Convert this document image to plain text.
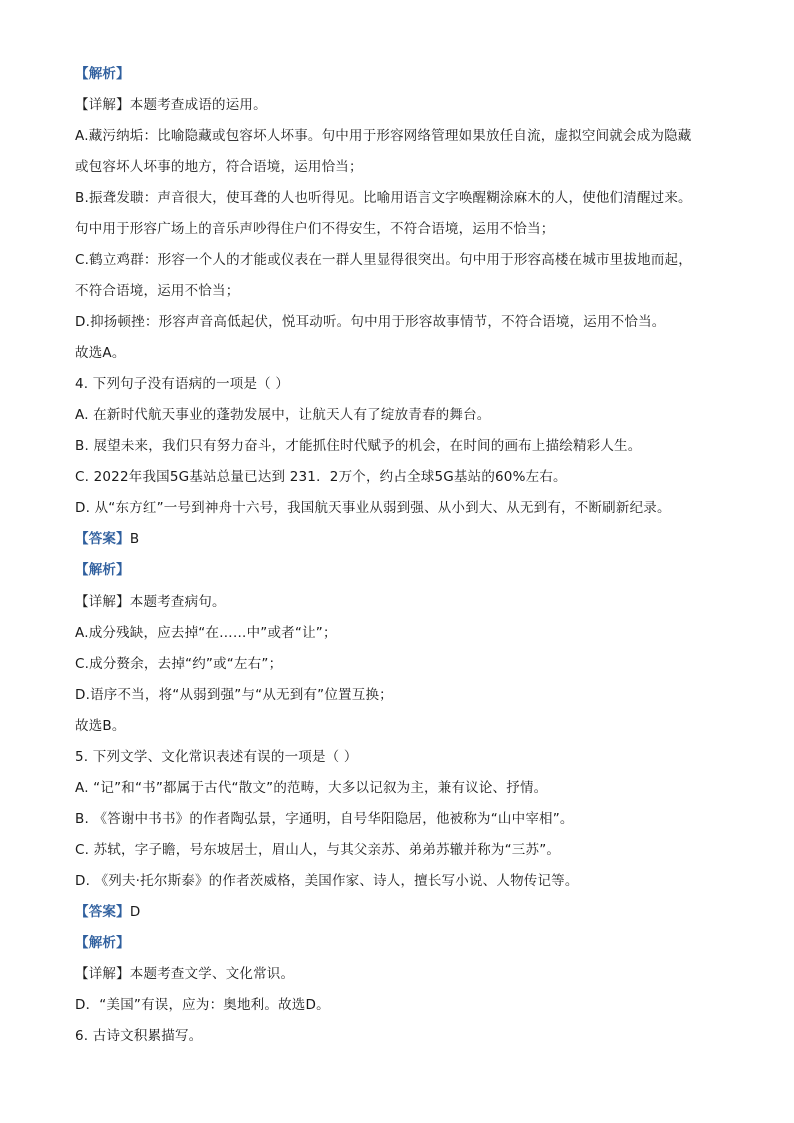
【解析】
【详解】本题考查成语的运用。
A.藏污纳垢：比喻隐藏或包容坏人坏事。句中用于形容网络管理如果放任自流，虚拟空间就会成为隐藏
或包容坏人坏事的地方，符合语境，运用恰当；
B.振聋发聩：声音很大，使耳聋的人也听得见。比喻用语言文字唤醒糊涂麻木的人，使他们清醒过来。
句中用于形容广场上的音乐声吵得住户们不得安生，不符合语境，运用不恰当；
C.鹤立鸡群：形容一个人的才能或仪表在一群人里显得很突出。句中用于形容高楼在城市里拔地而起，
不符合语境，运用不恰当；
D.抑扬顿挫：形容声音高低起伏，悦耳动听。句中用于形容故事情节，不符合语境，运用不恰当。
故选A。
4. 下列句子没有语病的一项是（ ）
A. 在新时代航天事业的蓬勃发展中，让航天人有了绽放青春的舞台。
B. 展望未来，我们只有努力奋斗，才能抓住时代赋予的机会，在时间的画布上描绘精彩人生。
C. 2022年我国5G基站总量已达到 231．2万个，约占全球5G基站的60%左右。
D. 从“东方红”一号到神舟十六号，我国航天事业从弱到强、从小到大、从无到有，不断刷新纪录。
【答案】B
【解析】
【详解】本题考查病句。
A.成分残缺，应去掉“在……中”或者“让”；
C.成分赘余，去掉“约”或“左右”；
D.语序不当，将“从弱到强”与“从无到有”位置互换；
故选B。
5. 下列文学、文化常识表述有误的一项是（ ）
A. “记”和“书”都属于古代“散文”的范畴，大多以记叙为主，兼有议论、抒情。
B. 《答谢中书书》的作者陶弘景，字通明，自号华阳隐居，他被称为“山中宰相”。
C. 苏轼，字子瞻，号东坡居士，眉山人，与其父亲苏、弟弟苏辙并称为“三苏”。
D. 《列夫·托尔斯泰》的作者茨威格，美国作家、诗人，擅长写小说、人物传记等。
【答案】D
【解析】
【详解】本题考查文学、文化常识。
D．“美国”有误，应为：奥地利。故选D。
6. 古诗文积累描写。
